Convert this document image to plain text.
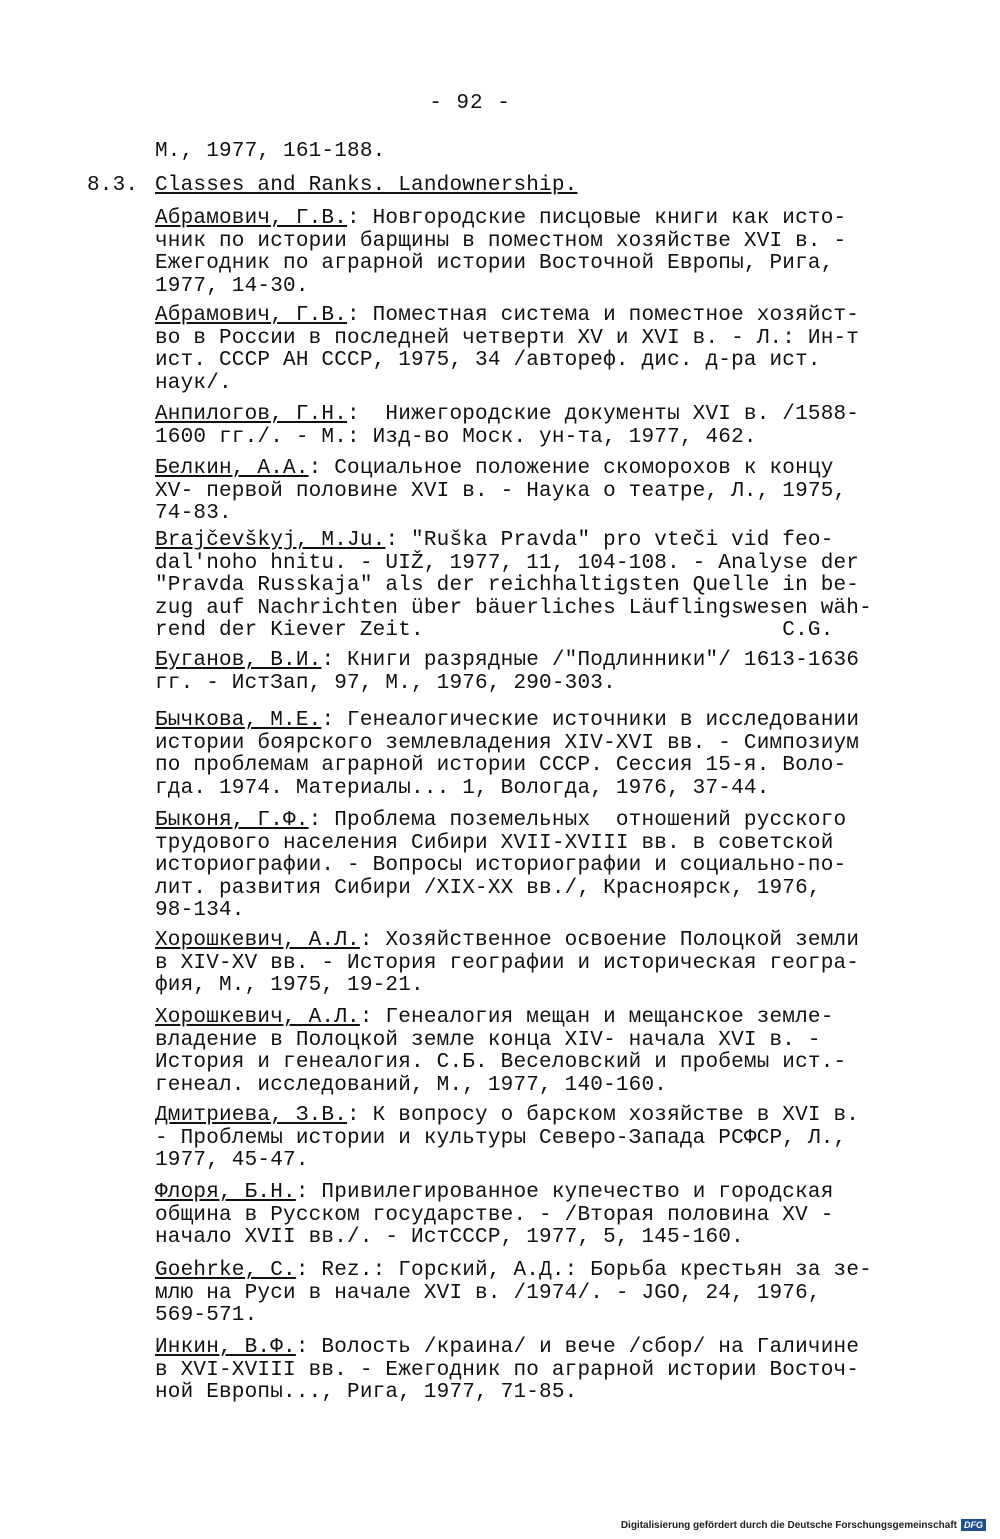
- 92 -
M., 1977, 161-188.
8.3. Classes and Ranks. Landownership.
Абрамович, Г.В.: Новгородские писцовые книги как исто-
чник по истории барщины в поместном хозяйстве XVI в. -
Ежегодник по аграрной истории Восточной Европы, Рига,
1977, 14-30.
Абрамович, Г.В.: Поместная система и поместное хозяйст-
во в России в последней четверти XV и XVI в. - Л.: Ин-т
ист. СССР АН СССР, 1975, 34 /автореф. дис. д-ра ист.
наук/.
Анпилогов, Г.Н.:  Нижегородские документы XVI в. /1588-
1600 гг./. - М.: Изд-во Моск. ун-та, 1977, 462.
Белкин, А.А.: Социальное положение скоморохов к концу
XV- первой половине XVI в. - Наука о театре, Л., 1975,
74-83.
Brajčevškyj, M.Ju.: "Ruška Pravda" pro vteči vid feo-
dal'noho hnitu. - UIŽ, 1977, 11, 104-108. - Analyse der
"Pravda Russkaja" als der reichhaltigsten Quelle in be-
zug auf Nachrichten über bäuerliches Läuflingswesen wäh-
rend der Kiever Zeit.                            C.G.
Буганов, В.И.: Книги разрядные /"Подлинники"/ 1613-1636
гг. - ИстЗап, 97, М., 1976, 290-303.
Бычкова, М.Е.: Генеалогические источники в исследовании
истории боярского землевладения XIV-XVI вв. - Симпозиум
по проблемам аграрной истории СССР. Сессия 15-я. Воло-
гда. 1974. Материалы... 1, Вологда, 1976, 37-44.
Быконя, Г.Ф.: Проблема поземельных  отношений русского
трудового населения Сибири XVII-XVIII вв. в советской
историографии. - Вопросы историографии и социально-по-
лит. развития Сибири /XIX-XX вв./, Красноярск, 1976,
98-134.
Хорошкевич, А.Л.: Хозяйственное освоение Полоцкой земли
в XIV-XV вв. - История географии и историческая геогра-
фия, М., 1975, 19-21.
Хорошкевич, А.Л.: Генеалогия мещан и мещанское земле-
владение в Полоцкой земле конца XIV- начала XVI в. -
История и генеалогия. С.Б. Веселовский и пробемы ист.-
генеал. исследований, М., 1977, 140-160.
Дмитриева, З.В.: К вопросу о барском хозяйстве в XVI в.
- Проблемы истории и культуры Северо-Запада РСФСР, Л.,
1977, 45-47.
Флоря, Б.Н.: Привилегированное купечество и городская
община в Русском государстве. - /Вторая половина XV -
начало XVII вв./. - ИстСССР, 1977, 5, 145-160.
Goehrke, C.: Rez.: Горский, А.Д.: Борьба крестьян за зе-
млю на Руси в начале XVI в. /1974/. - JGO, 24, 1976,
569-571.
Инкин, В.Ф.: Волость /краина/ и вече /сбор/ на Галичине
в XVI-XVIII вв. - Ежегодник по аграрной истории Восточ-
ной Европы..., Рига, 1977, 71-85.
Digitalisierung gefördert durch die Deutsche Forschungsgemeinschaft DFG
